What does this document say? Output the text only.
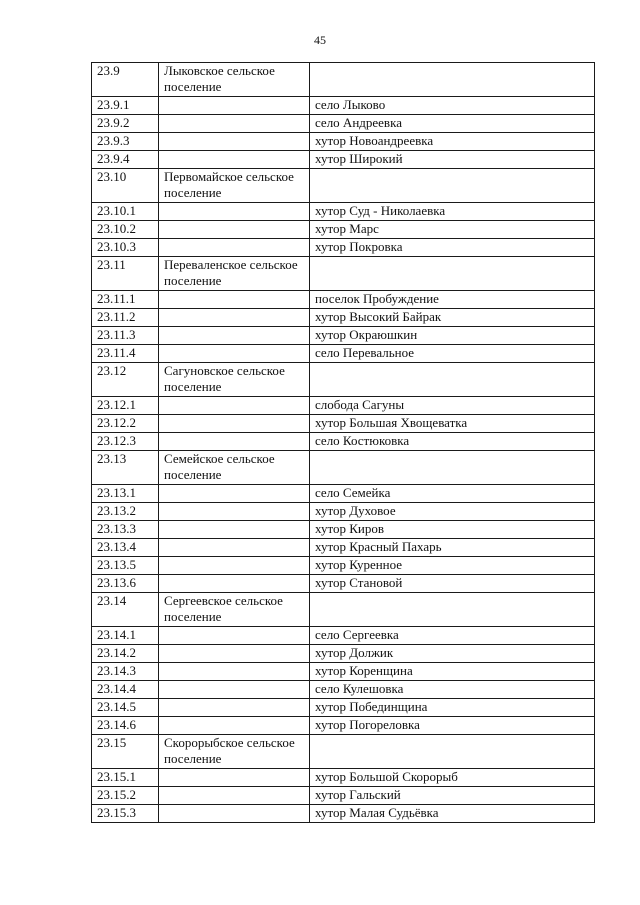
45
23.9	Лыковское сельское поселение	
23.9.1		село Лыково
23.9.2		село Андреевка
23.9.3		хутор Новоандреевка
23.9.4		хутор Широкий
23.10	Первомайское сельское поселение	
23.10.1		хутор Суд - Николаевка
23.10.2		хутор Марс
23.10.3		хутор Покровка
23.11	Перевaленское сельское поселение	
23.11.1		поселок Пробуждение
23.11.2		хутор Высокий Байрак
23.11.3		хутор Окраюшкин
23.11.4		село Перевальное
23.12	Сагуновское сельское поселение	
23.12.1		слобода Сагуны
23.12.2		хутор Большая Хвощеватка
23.12.3		село Костюковка
23.13	Семейское сельское поселение	
23.13.1		село Семейка
23.13.2		хутор Духовое
23.13.3		хутор Киров
23.13.4		хутор Красный Пахарь
23.13.5		хутор Куренное
23.13.6		хутор Становой
23.14	Сергеевское сельское поселение	
23.14.1		село Сергеевка
23.14.2		хутор Должик
23.14.3		хутор Коренщина
23.14.4		село Кулешовка
23.14.5		хутор Побединщина
23.14.6		хутор Погореловка
23.15	Скорорыбское сельское поселение	
23.15.1		хутор Большой Скорорыб
23.15.2		хутор Гальский
23.15.3		хутор Малая Судьёвка
